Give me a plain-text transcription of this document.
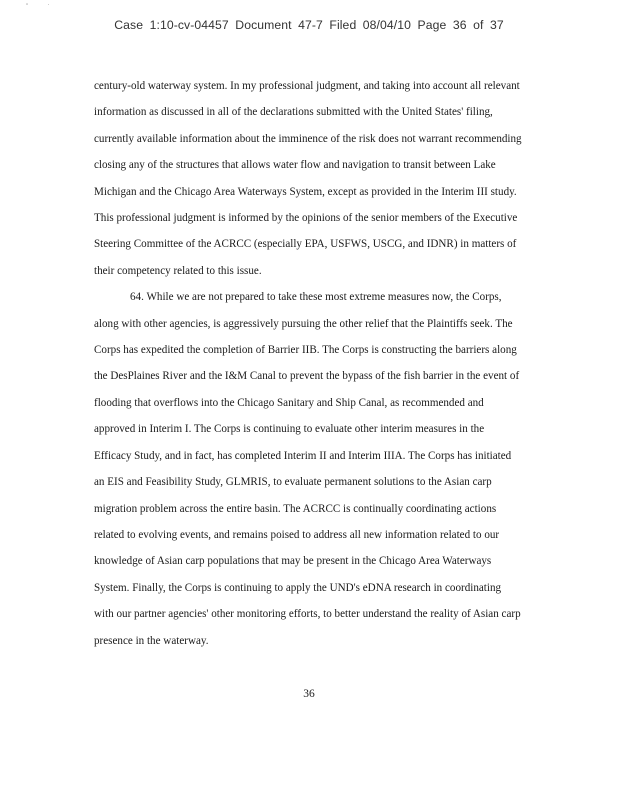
ˇ ˙
Case 1:10-cv-04457 Document 47-7 Filed 08/04/10 Page 36 of 37
century-old waterway system. In my professional judgment, and taking into account all relevant
information as discussed in all of the declarations submitted with the United States' filing,
currently available information about the imminence of the risk does not warrant recommending
closing any of the structures that allows water flow and navigation to transit between Lake
Michigan and the Chicago Area Waterways System, except as provided in the Interim III study.
This professional judgment is informed by the opinions of the senior members of the Executive
Steering Committee of the ACRCC (especially EPA, USFWS, USCG, and IDNR) in matters of
their competency related to this issue.
64. While we are not prepared to take these most extreme measures now, the Corps,
along with other agencies, is aggressively pursuing the other relief that the Plaintiffs seek. The
Corps has expedited the completion of Barrier IIB. The Corps is constructing the barriers along
the DesPlaines River and the I&M Canal to prevent the bypass of the fish barrier in the event of
flooding that overflows into the Chicago Sanitary and Ship Canal, as recommended and
approved in Interim I. The Corps is continuing to evaluate other interim measures in the
Efficacy Study, and in fact, has completed Interim II and Interim IIIA. The Corps has initiated
an EIS and Feasibility Study, GLMRIS, to evaluate permanent solutions to the Asian carp
migration problem across the entire basin. The ACRCC is continually coordinating actions
related to evolving events, and remains poised to address all new information related to our
knowledge of Asian carp populations that may be present in the Chicago Area Waterways
System. Finally, the Corps is continuing to apply the UND's eDNA research in coordinating
with our partner agencies' other monitoring efforts, to better understand the reality of Asian carp
presence in the waterway.
36
